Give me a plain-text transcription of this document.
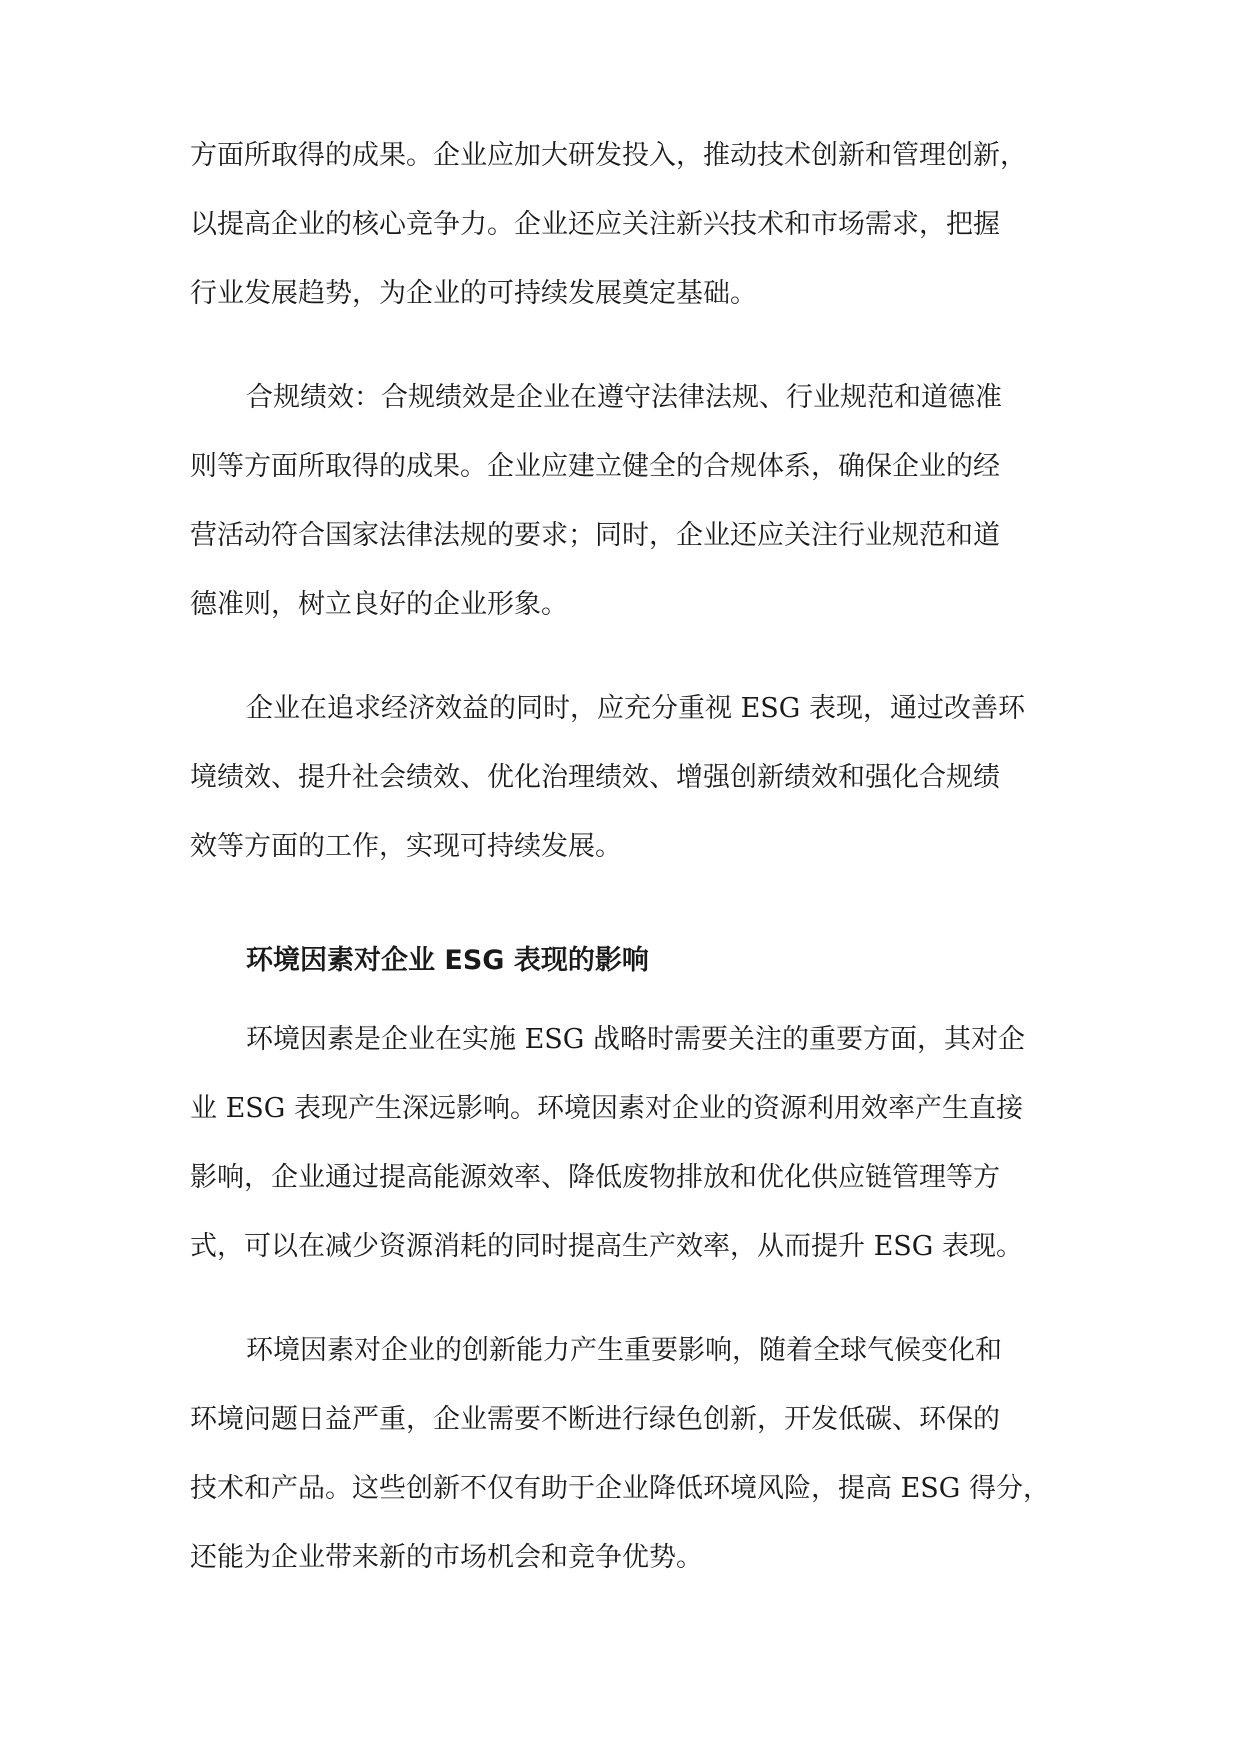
方面所取得的成果。企业应加大研发投入，推动技术创新和管理创新，
以提高企业的核心竞争力。企业还应关注新兴技术和市场需求，把握
行业发展趋势，为企业的可持续发展奠定基础。
合规绩效：合规绩效是企业在遵守法律法规、行业规范和道德准
则等方面所取得的成果。企业应建立健全的合规体系，确保企业的经
营活动符合国家法律法规的要求；同时，企业还应关注行业规范和道
德准则，树立良好的企业形象。
企业在追求经济效益的同时，应充分重视 ESG 表现，通过改善环
境绩效、提升社会绩效、优化治理绩效、增强创新绩效和强化合规绩
效等方面的工作，实现可持续发展。
环境因素对企业 ESG 表现的影响
环境因素是企业在实施 ESG 战略时需要关注的重要方面，其对企
业 ESG 表现产生深远影响。环境因素对企业的资源利用效率产生直接
影响，企业通过提高能源效率、降低废物排放和优化供应链管理等方
式，可以在减少资源消耗的同时提高生产效率，从而提升 ESG 表现。
环境因素对企业的创新能力产生重要影响，随着全球气候变化和
环境问题日益严重，企业需要不断进行绿色创新，开发低碳、环保的
技术和产品。这些创新不仅有助于企业降低环境风险，提高 ESG 得分，
还能为企业带来新的市场机会和竞争优势。
